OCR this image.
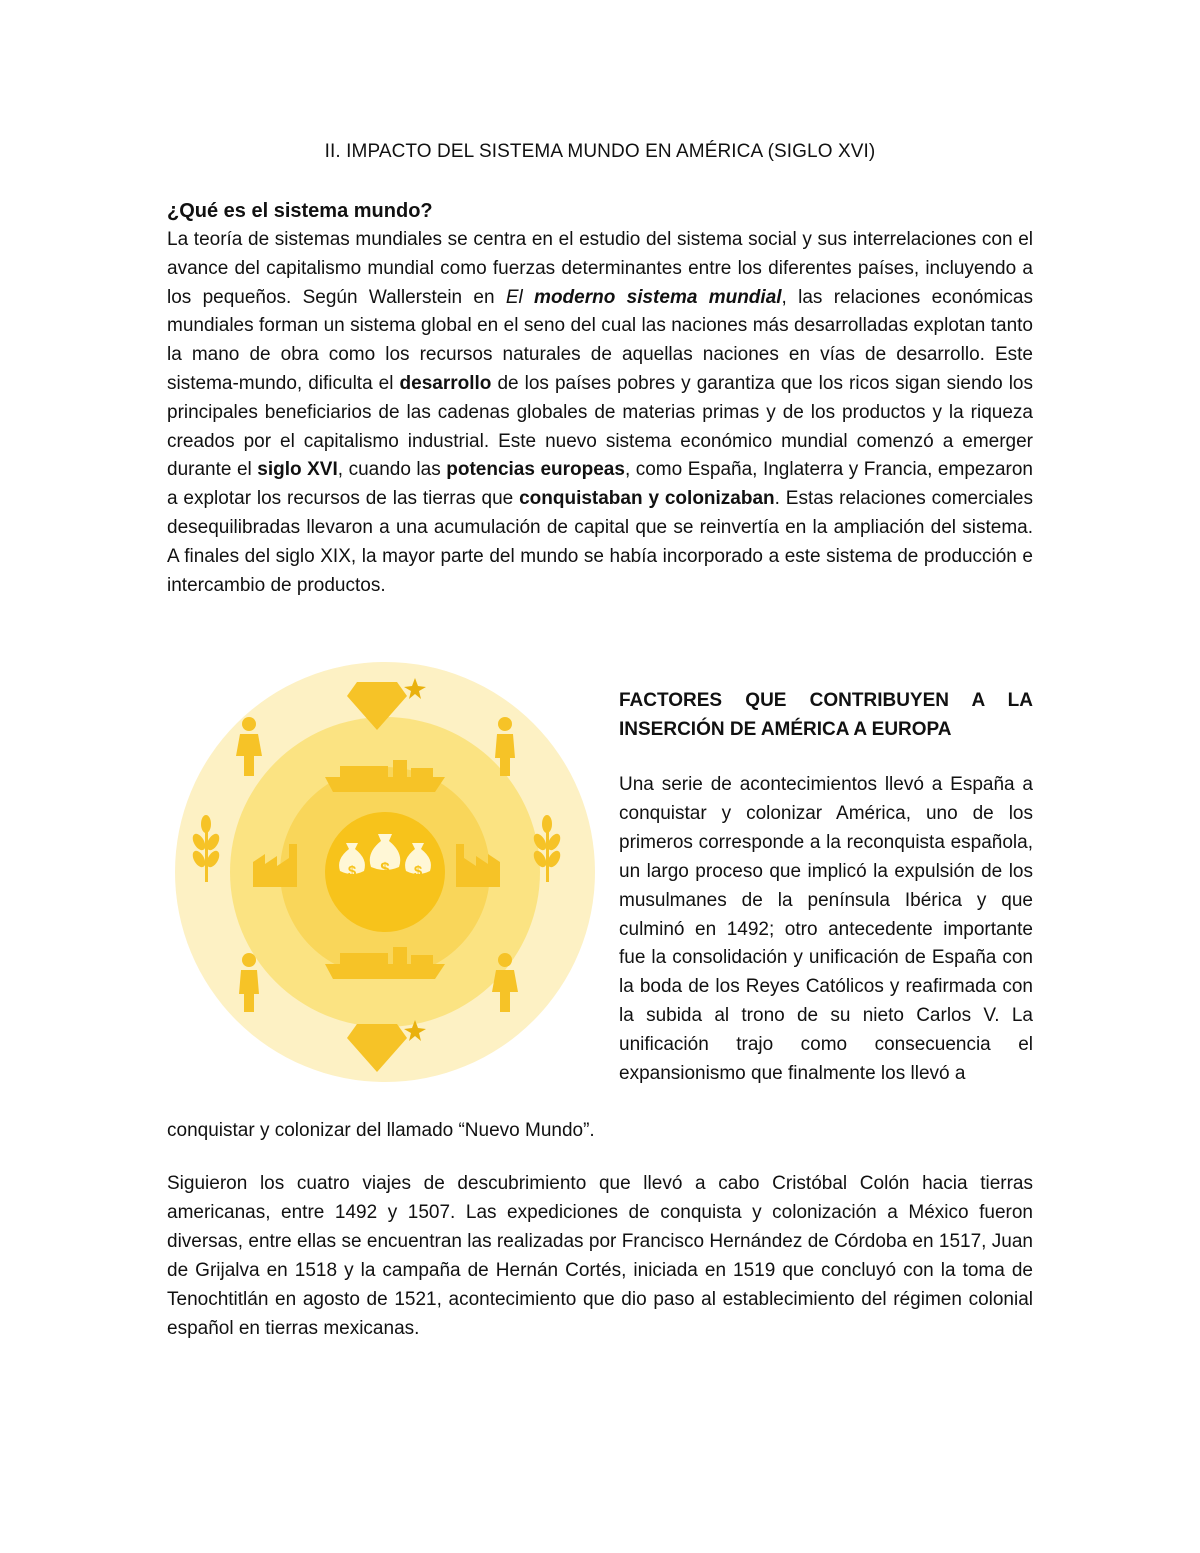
II. IMPACTO DEL SISTEMA MUNDO EN AMÉRICA (SIGLO XVI)

¿Qué es el sistema mundo?

La teoría de sistemas mundiales se centra en el estudio del sistema social y sus interrelaciones con el avance del capitalismo mundial como fuerzas determinantes entre los diferentes países, incluyendo a los pequeños. Según Wallerstein en El moderno sistema mundial, las relaciones económicas mundiales forman un sistema global en el seno del cual las naciones más desarrolladas explotan tanto la mano de obra como los recursos naturales de aquellas naciones en vías de desarrollo. Este sistema-mundo, dificulta el desarrollo de los países pobres y garantiza que los ricos sigan siendo los principales beneficiarios de las cadenas globales de materias primas y de los productos y la riqueza creados por el capitalismo industrial. Este nuevo sistema económico mundial comenzó a emerger durante el siglo XVI, cuando las potencias europeas, como España, Inglaterra y Francia, empezaron a explotar los recursos de las tierras que conquistaban y colonizaban. Estas relaciones comerciales desequilibradas llevaron a una acumulación de capital que se reinvertía en la ampliación del sistema. A finales del siglo XIX, la mayor parte del mundo se había incorporado a este sistema de producción e intercambio de productos.

$ $ $
FACTORES QUE CONTRIBUYEN A LA
INSERCIÓN DE AMÉRICA A EUROPA

Una serie de acontecimientos llevó a España a conquistar y colonizar América, uno de los primeros corresponde a la reconquista española, un largo proceso que implicó la expulsión de los musulmanes de la península Ibérica y que culminó en 1492; otro antecedente importante fue la consolidación y unificación de España con la boda de los Reyes Católicos y reafirmada con la subida al trono de su nieto Carlos V. La unificación trajo como consecuencia el expansionismo que finalmente los llevó a

conquistar y colonizar del llamado “Nuevo Mundo”.

Siguieron los cuatro viajes de descubrimiento que llevó a cabo Cristóbal Colón hacia tierras americanas, entre 1492 y 1507. Las expediciones de conquista y colonización a México fueron diversas, entre ellas se encuentran las realizadas por Francisco Hernández de Córdoba en 1517, Juan de Grijalva en 1518 y la campaña de Hernán Cortés, iniciada en 1519 que concluyó con la toma de Tenochtitlán en agosto de 1521, acontecimiento que dio paso al establecimiento del régimen colonial español en tierras mexicanas.
